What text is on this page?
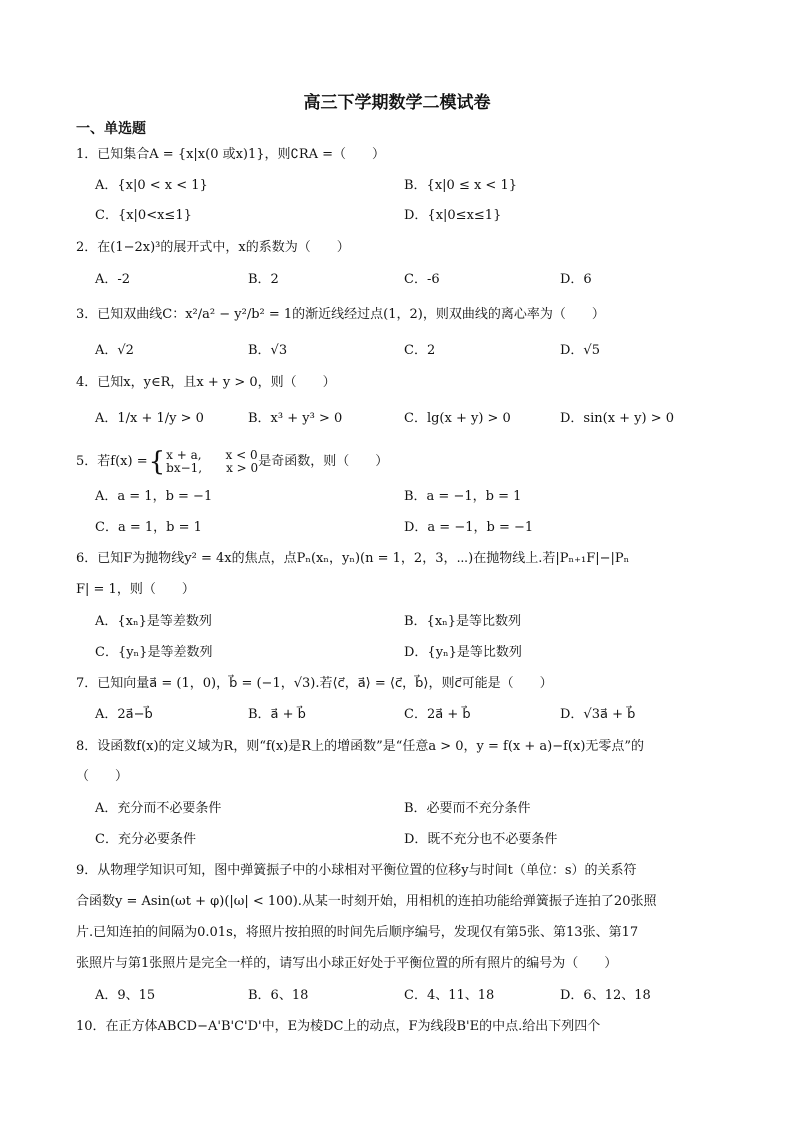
高三下学期数学二模试卷
一、单选题
1．已知集合A = {x|x(0 或x)1}，则∁RA =（　　）
A．{x|0 < x < 1}	B．{x|0 ≤ x < 1}
C．{x|0<x≤1}	D．{x|0≤x≤1}
2．在(1−2x)³的展开式中，x的系数为（　　）
A．-2	B．2	C．-6	D．6
3．已知双曲线C：x²/a² − y²/b² = 1的渐近线经过点(1，2)，则双曲线的离心率为（　　）
A．√2	B．√3	C．2	D．√5
4．已知x，y∈R，且x + y > 0，则（　　）
A．1/x + 1/y > 0	B．x³ + y³ > 0	C．lg(x + y) > 0	D．sin(x + y) > 0
5．若f(x) = { x + a,　　x < 0
bx−1,　　x > 0 是奇函数，则（　　）
A．a = 1，b = −1	B．a = −1，b = 1
C．a = 1，b = 1	D．a = −1，b = −1
6．已知F为抛物线y² = 4x的焦点，点Pₙ(xₙ，yₙ)(n = 1，2，3，⋯)在抛物线上.若|Pₙ₊₁F|−|Pₙ
F| = 1，则（　　）
A．{xₙ}是等差数列	B．{xₙ}是等比数列
C．{yₙ}是等差数列	D．{yₙ}是等比数列
7．已知向量a⃗ = (1，0)，b⃗ = (−1，√3).若⟨c⃗，a⃗⟩ = ⟨c⃗，b⃗⟩，则c⃗可能是（　　）
A．2a⃗−b⃗	B．a⃗ + b⃗	C．2a⃗ + b⃗	D．√3a⃗ + b⃗
8．设函数f(x)的定义域为R，则“f(x)是R上的增函数”是“任意a > 0，y = f(x + a)−f(x)无零点”的
（　　）
A．充分而不必要条件	B．必要而不充分条件
C．充分必要条件	D．既不充分也不必要条件
9．从物理学知识可知，图中弹簧振子中的小球相对平衡位置的位移y与时间t（单位：s）的关系符
合函数y = Asin(ωt + φ)(|ω| < 100).从某一时刻开始，用相机的连拍功能给弹簧振子连拍了20张照
片.已知连拍的间隔为0.01s，将照片按拍照的时间先后顺序编号，发现仅有第5张、第13张、第17
张照片与第1张照片是完全一样的，请写出小球正好处于平衡位置的所有照片的编号为（　　）
A．9、15	B．6、18	C．4、11、18	D．6、12、18
10．在正方体ABCD−A'B'C'D'中，E为棱DC上的动点，F为线段B'E的中点.给出下列四个
